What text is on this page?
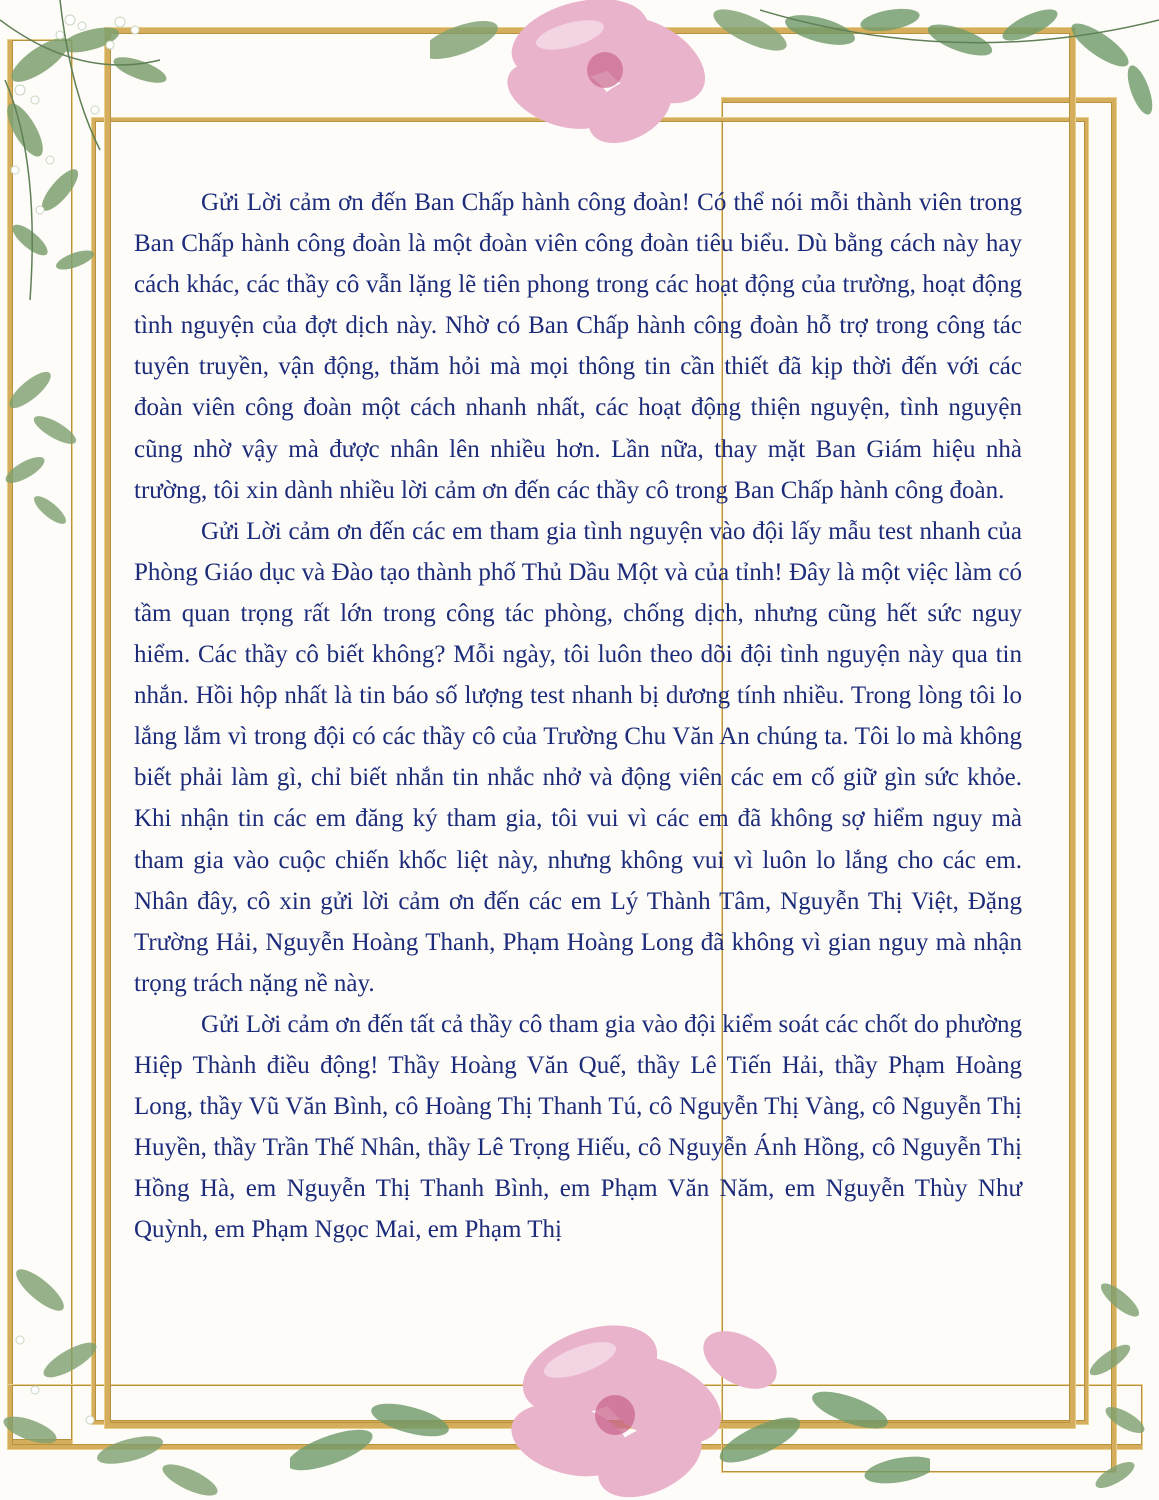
Gửi Lời cảm ơn đến Ban Chấp hành công đoàn! Có thể nói mỗi thành viên trong Ban Chấp hành công đoàn là một đoàn viên công đoàn tiêu biểu. Dù bằng cách này hay cách khác, các thầy cô vẫn lặng lẽ tiên phong trong các hoạt động của trường, hoạt động tình nguyện của đợt dịch này. Nhờ có Ban Chấp hành công đoàn hỗ trợ trong công tác tuyên truyền, vận động, thăm hỏi mà mọi thông tin cần thiết đã kịp thời đến với các đoàn viên công đoàn một cách nhanh nhất, các hoạt động thiện nguyện, tình nguyện cũng nhờ vậy mà được nhân lên nhiều hơn. Lần nữa, thay mặt Ban Giám hiệu nhà trường, tôi xin dành nhiều lời cảm ơn đến các thầy cô trong Ban Chấp hành công đoàn.

Gửi Lời cảm ơn đến các em tham gia tình nguyện vào đội lấy mẫu test nhanh của Phòng Giáo dục và Đào tạo thành phố Thủ Dầu Một và của tỉnh! Đây là một việc làm có tầm quan trọng rất lớn trong công tác phòng, chống dịch, nhưng cũng hết sức nguy hiểm. Các thầy cô biết không? Mỗi ngày, tôi luôn theo dõi đội tình nguyện này qua tin nhắn. Hồi hộp nhất là tin báo số lượng test nhanh bị dương tính nhiều. Trong lòng tôi lo lắng lắm vì trong đội có các thầy cô của Trường Chu Văn An chúng ta. Tôi lo mà không biết phải làm gì, chỉ biết nhắn tin nhắc nhở và động viên các em cố giữ gìn sức khỏe. Khi nhận tin các em đăng ký tham gia, tôi vui vì các em đã không sợ hiểm nguy mà tham gia vào cuộc chiến khốc liệt này, nhưng không vui vì luôn lo lắng cho các em. Nhân đây, cô xin gửi lời cảm ơn đến các em Lý Thành Tâm, Nguyễn Thị Việt, Đặng Trường Hải, Nguyễn Hoàng Thanh, Phạm Hoàng Long đã không vì gian nguy mà nhận trọng trách nặng nề này.

Gửi Lời cảm ơn đến tất cả thầy cô tham gia vào đội kiểm soát các chốt do phường Hiệp Thành điều động! Thầy Hoàng Văn Quế, thầy Lê Tiến Hải, thầy Phạm Hoàng Long, thầy Vũ Văn Bình, cô Hoàng Thị Thanh Tú, cô Nguyễn Thị Vàng, cô Nguyễn Thị Huyền, thầy Trần Thế Nhân, thầy Lê Trọng Hiếu, cô Nguyễn Ánh Hồng, cô Nguyễn Thị Hồng Hà, em Nguyễn Thị Thanh Bình, em Phạm Văn Năm, em Nguyễn Thùy Như Quỳnh, em Phạm Ngọc Mai, em Phạm Thị
